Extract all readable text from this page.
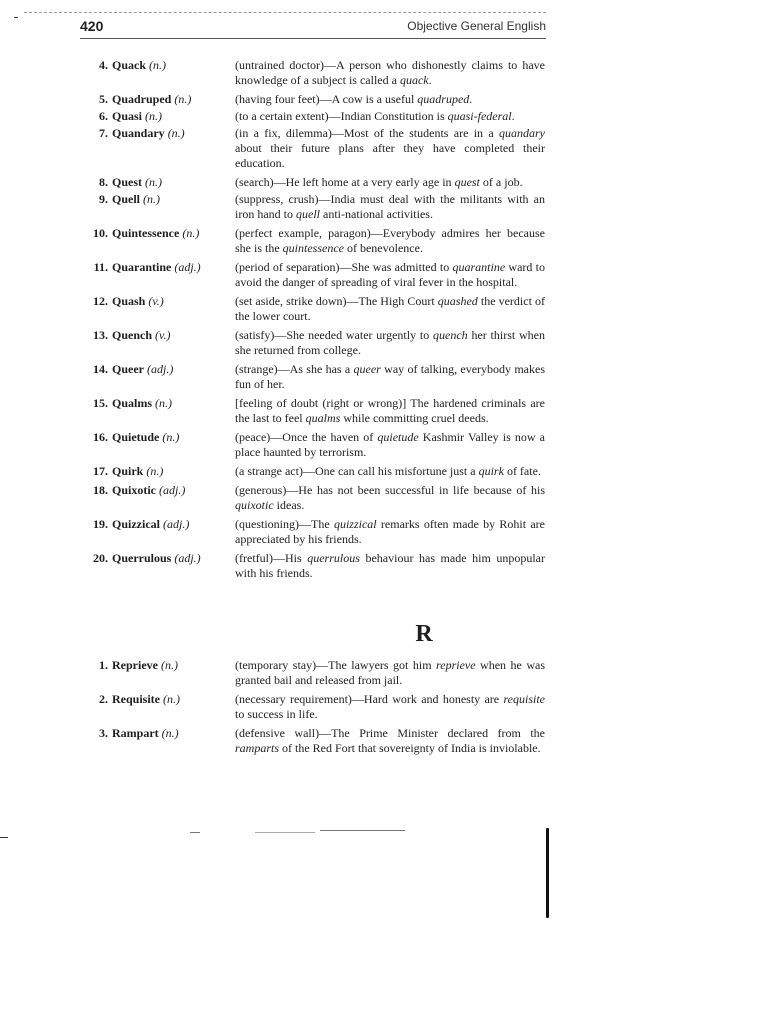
420	Objective General English
4. Quack (n.)	(untrained doctor)—A person who dishonestly claims to have knowledge of a subject is called a quack.
5. Quadruped (n.)	(having four feet)—A cow is a useful quadruped.
6. Quasi (n.)	(to a certain extent)—Indian Constitution is quasi-federal.
7. Quandary (n.)	(in a fix, dilemma)—Most of the students are in a quandary about their future plans after they have completed their education.
8. Quest (n.)	(search)—He left home at a very early age in quest of a job.
9. Quell (n.)	(suppress, crush)—India must deal with the militants with an iron hand to quell anti-national activities.
10. Quintessence (n.)	(perfect example, paragon)—Everybody admires her because she is the quintessence of benevolence.
11. Quarantine (adj.)	(period of separation)—She was admitted to quarantine ward to avoid the danger of spreading of viral fever in the hospital.
12. Quash (v.)	(set aside, strike down)—The High Court quashed the verdict of the lower court.
13. Quench (v.)	(satisfy)—She needed water urgently to quench her thirst when she returned from college.
14. Queer (adj.)	(strange)—As she has a queer way of talking, everybody makes fun of her.
15. Qualms (n.)	[feeling of doubt (right or wrong)] The hardened criminals are the last to feel qualms while committing cruel deeds.
16. Quietude (n.)	(peace)—Once the haven of quietude Kashmir Valley is now a place haunted by terrorism.
17. Quirk (n.)	(a strange act)—One can call his misfortune just a quirk of fate.
18. Quixotic (adj.)	(generous)—He has not been successful in life because of his quixotic ideas.
19. Quizzical (adj.)	(questioning)—The quizzical remarks often made by Rohit are appreciated by his friends.
20. Querrulous (adj.)	(fretful)—His querrulous behaviour has made him unpopular with his friends.
R
1. Reprieve (n.)	(temporary stay)—The lawyers got him reprieve when he was granted bail and released from jail.
2. Requisite (n.)	(necessary requirement)—Hard work and honesty are requisite to success in life.
3. Rampart (n.)	(defensive wall)—The Prime Minister declared from the ramparts of the Red Fort that sovereignty of India is inviolable.
